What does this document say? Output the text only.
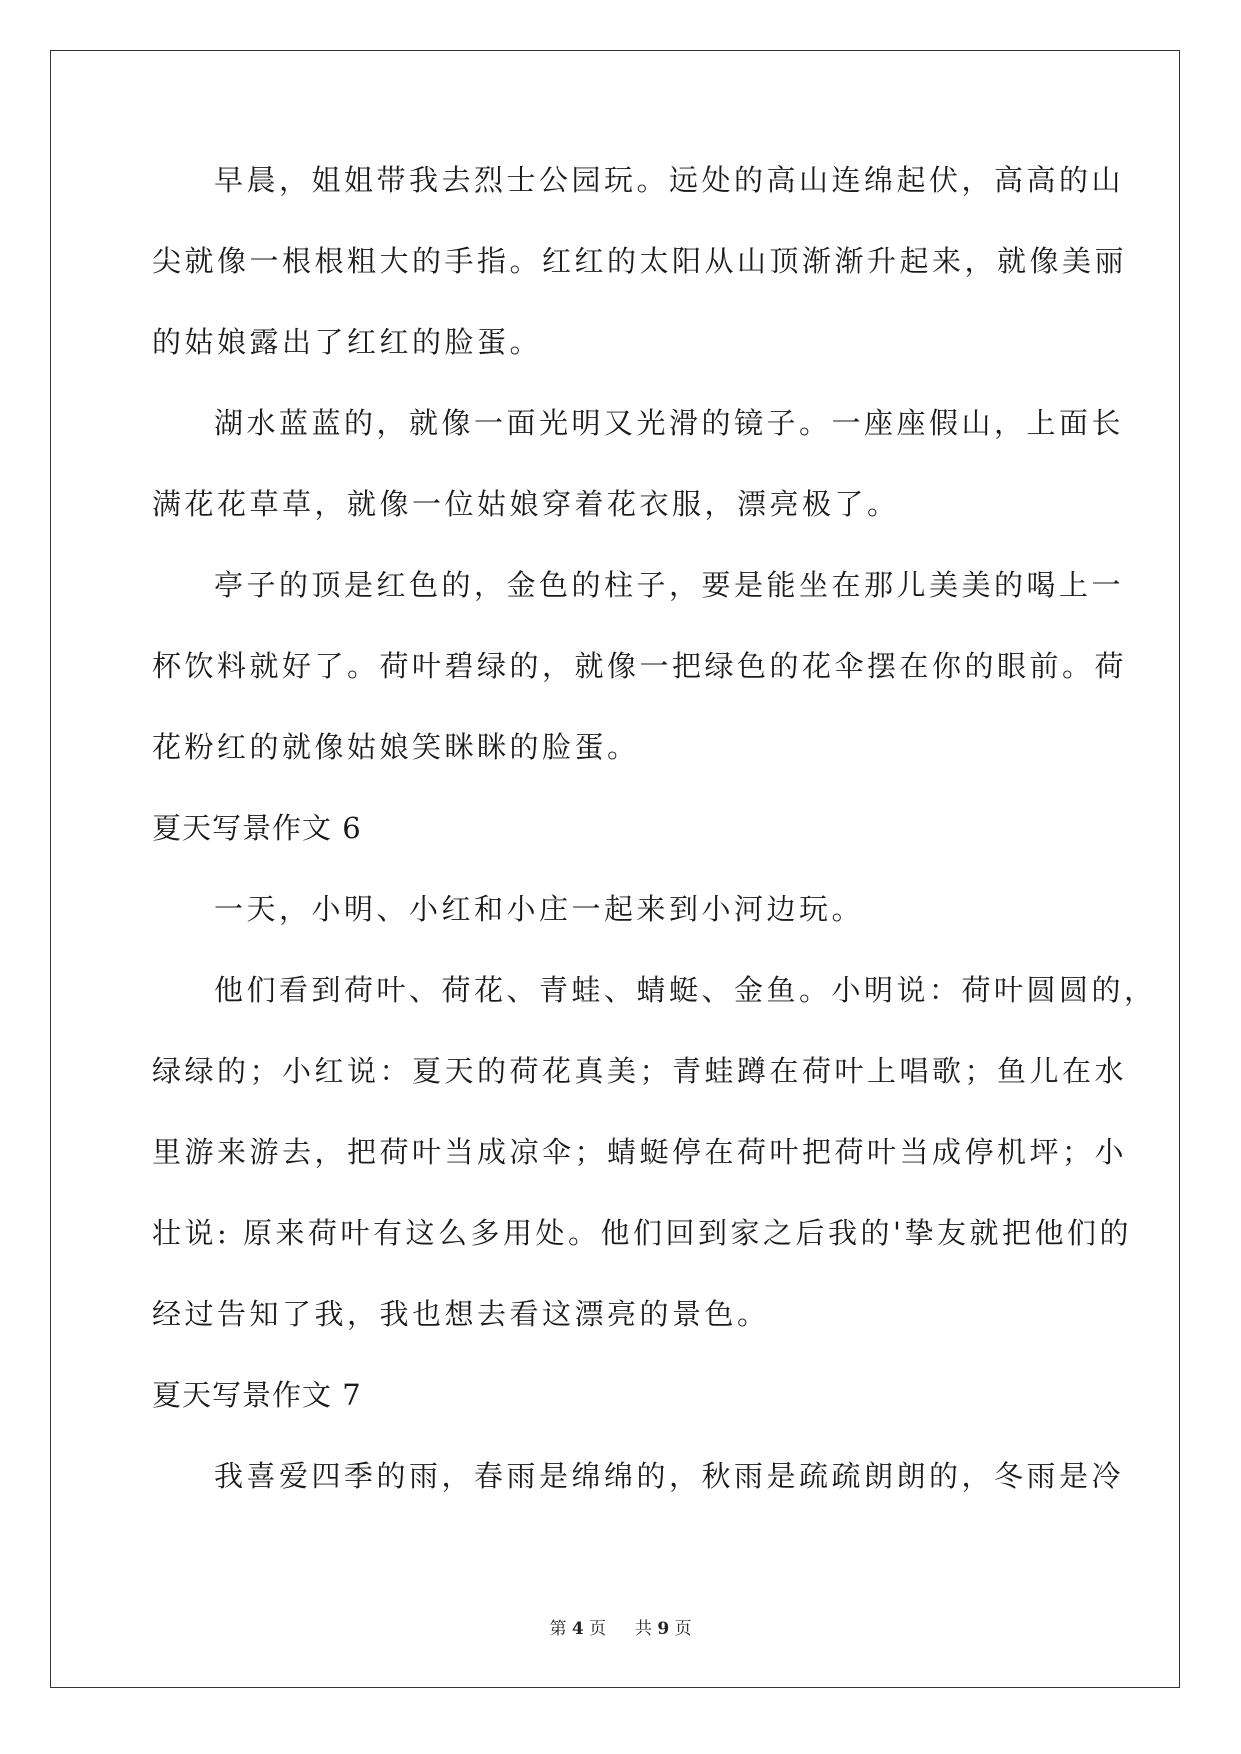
早晨，姐姐带我去烈士公园玩。远处的高山连绵起伏，高高的山
尖就像一根根粗大的手指。红红的太阳从山顶渐渐升起来，就像美丽
的姑娘露出了红红的脸蛋。
湖水蓝蓝的，就像一面光明又光滑的镜子。一座座假山，上面长
满花花草草，就像一位姑娘穿着花衣服，漂亮极了。
亭子的顶是红色的，金色的柱子，要是能坐在那儿美美的喝上一
杯饮料就好了。荷叶碧绿的，就像一把绿色的花伞摆在你的眼前。荷
花粉红的就像姑娘笑眯眯的脸蛋。
夏天写景作文 6
一天，小明、小红和小庄一起来到小河边玩。
他们看到荷叶、荷花、青蛙、蜻蜓、金鱼。小明说：荷叶圆圆的，
绿绿的；小红说：夏天的荷花真美；青蛙蹲在荷叶上唱歌；鱼儿在水
里游来游去，把荷叶当成凉伞；蜻蜓停在荷叶把荷叶当成停机坪；小
壮说: 原来荷叶有这么多用处。他们回到家之后我的'挚友就把他们的
经过告知了我，我也想去看这漂亮的景色。
夏天写景作文 7
我喜爱四季的雨，春雨是绵绵的，秋雨是疏疏朗朗的，冬雨是冷
第 4 页 共 9 页
